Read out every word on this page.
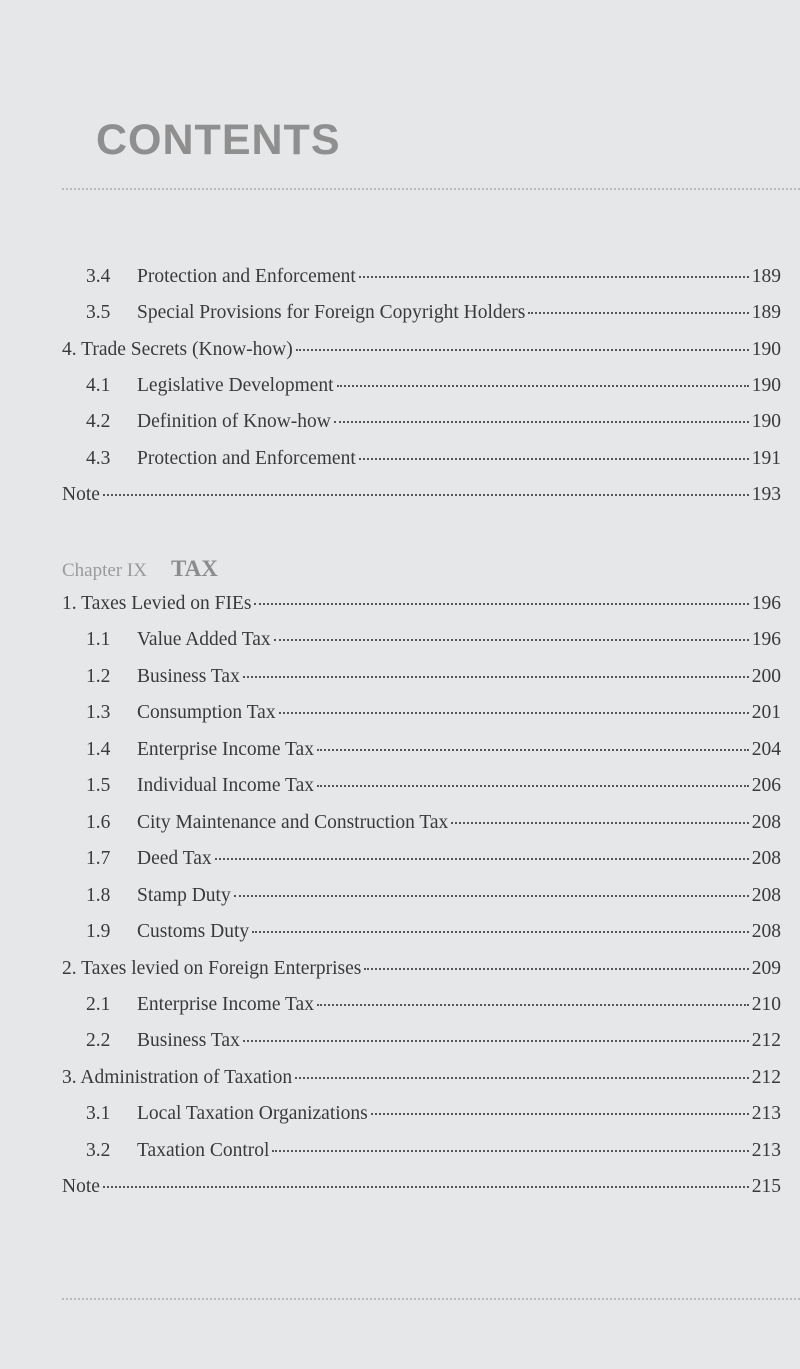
CONTENTS
3.4	Protection and Enforcement	189
3.5	Special Provisions for Foreign Copyright Holders	189
4. Trade Secrets (Know-how)	190
4.1	Legislative Development	190
4.2	Definition of Know-how	190
4.3	Protection and Enforcement	191
Note	193
Chapter IX TAX
1. Taxes Levied on FIEs	196
1.1	Value Added Tax	196
1.2	Business Tax	200
1.3	Consumption Tax	201
1.4	Enterprise Income Tax	204
1.5	Individual Income Tax	206
1.6	City Maintenance and Construction Tax	208
1.7	Deed Tax	208
1.8	Stamp Duty	208
1.9	Customs Duty	208
2. Taxes levied on Foreign Enterprises	209
2.1	Enterprise Income Tax	210
2.2	Business Tax	212
3. Administration of Taxation	212
3.1	Local Taxation Organizations	213
3.2	Taxation Control	213
Note	215
